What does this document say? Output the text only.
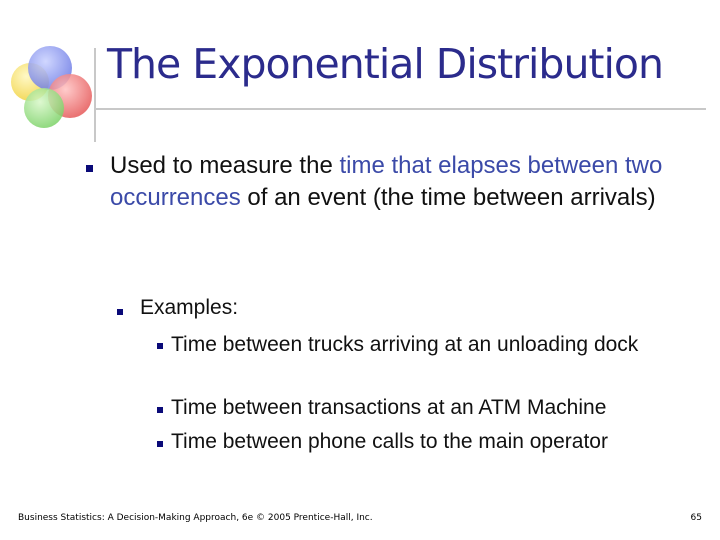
The Exponential Distribution
Used to measure the time that elapses between two occurrences of an event (the time between arrivals)
Examples:
Time between trucks arriving at an unloading dock
Time between transactions at an ATM Machine
Time between phone calls to the main operator
Business Statistics: A Decision-Making Approach, 6e © 2005 Prentice-Hall, Inc.	65
